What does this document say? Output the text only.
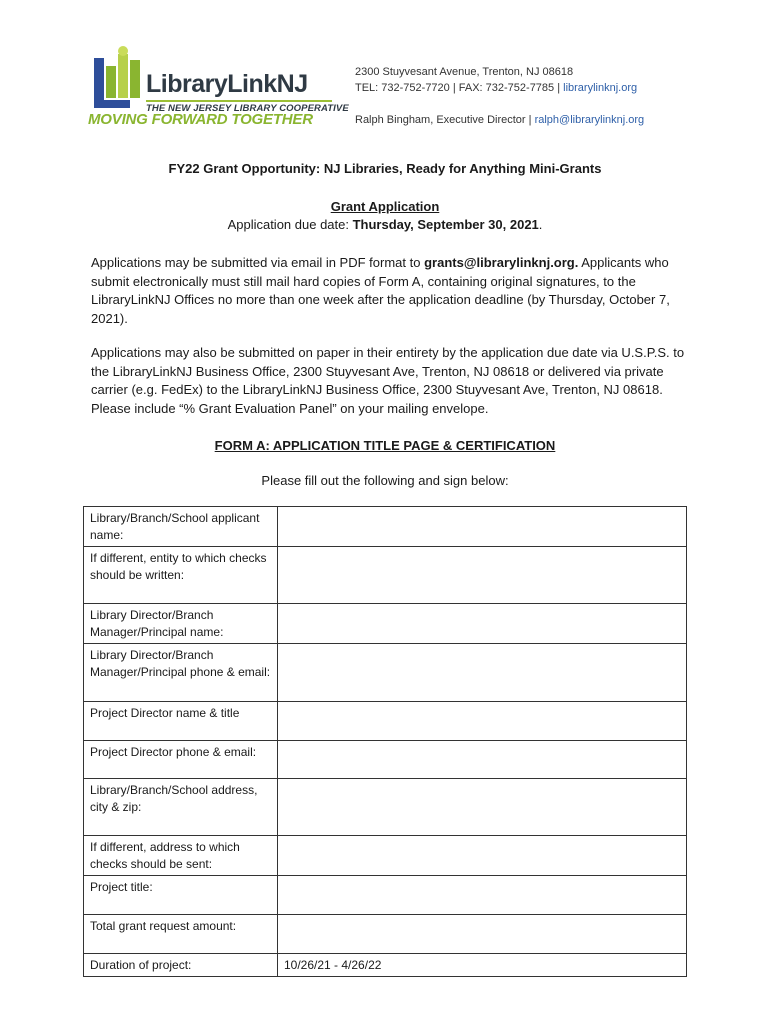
LibraryLinkNJ
THE NEW JERSEY LIBRARY COOPERATIVE
MOVING FORWARD TOGETHER
2300 Stuyvesant Avenue, Trenton, NJ 08618
TEL: 732-752-7720 | FAX: 732-752-7785 | librarylinknj.org
Ralph Bingham, Executive Director | ralph@librarylinknj.org
FY22 Grant Opportunity: NJ Libraries, Ready for Anything Mini-Grants
Grant Application
Application due date: Thursday, September 30, 2021.
Applications may be submitted via email in PDF format to grants@librarylinknj.org. Applicants who submit electronically must still mail hard copies of Form A, containing original signatures, to the LibraryLinkNJ Offices no more than one week after the application deadline (by Thursday, October 7, 2021).
Applications may also be submitted on paper in their entirety by the application due date via U.S.P.S. to the LibraryLinkNJ Business Office, 2300 Stuyvesant Ave, Trenton, NJ 08618 or delivered via private carrier (e.g. FedEx) to the LibraryLinkNJ Business Office, 2300 Stuyvesant Ave, Trenton, NJ 08618. Please include “% Grant Evaluation Panel” on your mailing envelope.
FORM A: APPLICATION TITLE PAGE & CERTIFICATION
Please fill out the following and sign below:
Library/Branch/School applicant name:	
If different, entity to which checks should be written:	
Library Director/Branch Manager/Principal name:	
Library Director/Branch Manager/Principal phone & email:	
Project Director name & title	
Project Director phone & email:	
Library/Branch/School address, city & zip:	
If different, address to which checks should be sent:	
Project title:	
Total grant request amount:	
Duration of project:	10/26/21 - 4/26/22
